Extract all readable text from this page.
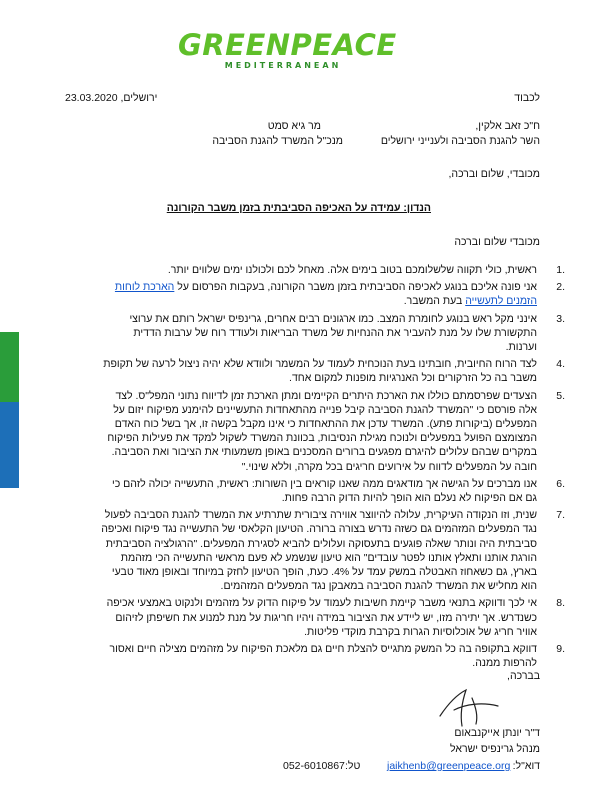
GREENPEACE
MEDITERRANEAN
לכבוד
ירושלים, 23.03.2020
ח"כ זאב אלקין,
השר להגנת הסביבה ולענייני ירושלים
מר גיא סמט
מנכ"ל המשרד להגנת הסביבה
מכובדי, שלום וברכה,
הנדון: עמידה על האכיפה הסביבתית בזמן משבר הקורונה
מכובדי שלום וברכה
1.
ראשית, כולי תקווה שלשלומכם בטוב בימים אלה. מאחל לכם ולכולנו ימים שלווים יותר.
2.
אני פונה אליכם בנוגע לאכיפה הסביבתית בזמן משבר הקורונה, בעקבות הפרסום על הארכת לוחות הזמנים לתעשייה בעת המשבר.
3.
אינני מקל ראש בנוגע לחומרת המצב. כמו ארגונים רבים אחרים, גרינפיס ישראל רותם את ערוצי התקשורת שלו על מנת להעביר את ההנחיות של משרד הבריאות ולעודד רוח של ערבות הדדית וערנות.
4.
לצד הרוח החיובית, חובתינו בעת הנוכחית לעמוד על המשמר ולוודא שלא יהיה ניצול לרעה של תקופת משבר בה כל הזרקורים וכל האנרגיות מופנות למקום אחד.
5.
הצעדים שפרסמתם כוללו את הארכת היתרים הקיימים ומתן הארכת זמן לדיווח נתוני המפל"ס. לצד אלה פורסם כי "המשרד להגנת הסביבה קיבל פנייה מהתאחדות התעשיינים להימנע מפיקוח יזום על המפעלים (ביקורות פתע). המשרד עדכן את ההתאחדות כי אינו מקבל בקשה זו, אך בשל כוח האדם המצומצם הפועל במפעלים ולנוכח מגילת הנסיבות, בכוונת המשרד לשקול למקד את פעילות הפיקוח במקרים שבהם עלולים להיגרם מפגעים ברורים המסכנים באופן משמעותי את הציבור ואת הסביבה. חובה על המפעלים לדווח על אירועים חריגים בכל מקרה, וללא שינוי."
6.
אנו מברכים על הגישה אך מודאגים ממה שאנו קוראים בין השורות: ראשית, התעשייה יכולה לזהם כי גם אם הפיקוח לא נעלם הוא הופך להיות הדוק הרבה פחות.
7.
שנית, וזו הנקודה העיקרית, עלולה להיווצר אווירה ציבורית שתרתיע את המשרד להגנת הסביבה לפעול נגד המפעלים המזהמים גם כשזה נדרש בצורה ברורה. הטיעון הקלאסי של התעשייה נגד פיקוח ואכיפה סביבתית היה ונותר שאלה פוגעים בתעסוקה ועלולים להביא לסגירת המפעלים. "הרגולציה הסביבתית הורגת אותנו ותאלץ אותנו לפטר עובדים" הוא טיעון שנשמע לא פעם מראשי התעשייה הכי מזהמת בארץ, גם כשאחוז האבטלה במשק עמד על 4%. כעת, הופך הטיעון לחזק במיוחד ובאופן מאוד טבעי הוא מחליש את המשרד להגנת הסביבה במאבקן נגד המפעלים המזהמים.
8.
אי לכך ודווקא בתנאי משבר קיימת חשיבות לעמוד על פיקוח הדוק על מזהמים ולנקוט באמצעי אכיפה כשנדרש. אך יתירה מזו, יש ליידע את הציבור במידה ויהיו חריגות על מנת למנוע את חשיפתן לזיהום אוויר חריג של אוכלוסיות הגרות בקרבת מוקדי פליטות.
9.
דווקא בתקופה בה כל המשק מתגייס להצלת חיים גם מלאכת הפיקוח על מזהמים מצילה חיים ואסור להרפות ממנה.
בברכה,
ד"ר יונתן אייקנבאום
מנהל גרינפיס ישראל
דוא"ל:
jaikhenb@greenpeace.org
טל:
052-6010867
